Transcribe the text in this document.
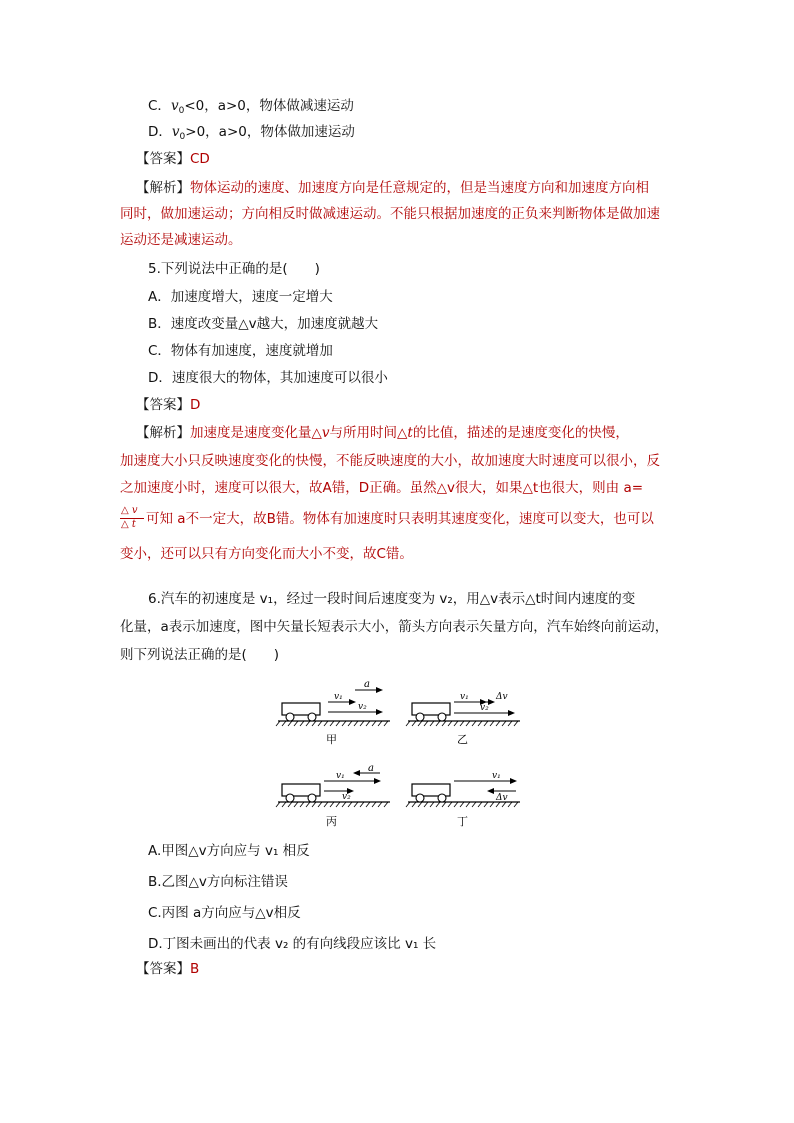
C．$v_0<0$，a>0，物体做减速运动
D．$v_0>0$，a>0，物体做加速运动
【答案】CD
【解析】物体运动的速度、加速度方向是任意规定的，但是当速度方向和加速度方向相
同时，做加速运动；方向相反时做减速运动。不能只根据加速度的正负来判断物体是做加速
运动还是减速运动。
5.下列说法中正确的是(　　)
A．加速度增大，速度一定增大
B．速度改变量△v越大，加速度就越大
C．物体有加速度，速度就增加
D．速度很大的物体，其加速度可以很小
【答案】D
【解析】加速度是速度变化量△v与所用时间△t的比值，描述的是速度变化的快慢，
加速度大小只反映速度变化的快慢，不能反映速度的大小，故加速度大时速度可以很小，反
之加速度小时，速度可以很大，故A错，D正确。虽然△v很大，如果△t也很大，则由 a=
△ v
△ t 可知 a不一定大，故B错。物体有加速度时只表明其速度变化，速度可以变大，也可以
变小，还可以只有方向变化而大小不变，故C错。
6.汽车的初速度是 v₁，经过一段时间后速度变为 v₂，用△v表示△t时间内速度的变
化量，a表示加速度，图中矢量长短表示大小，箭头方向表示矢量方向，汽车始终向前运动，
则下列说法正确的是(　　)
v₁
v₂
a
甲
v₁	Δv
v₂
乙
v₁
v₂
a
丙
v₁
Δv
丁
A.甲图△v方向应与 v₁ 相反
B.乙图△v方向标注错误
C.丙图 a方向应与△v相反
D.丁图未画出的代表 v₂ 的有向线段应该比 v₁ 长
【答案】B
